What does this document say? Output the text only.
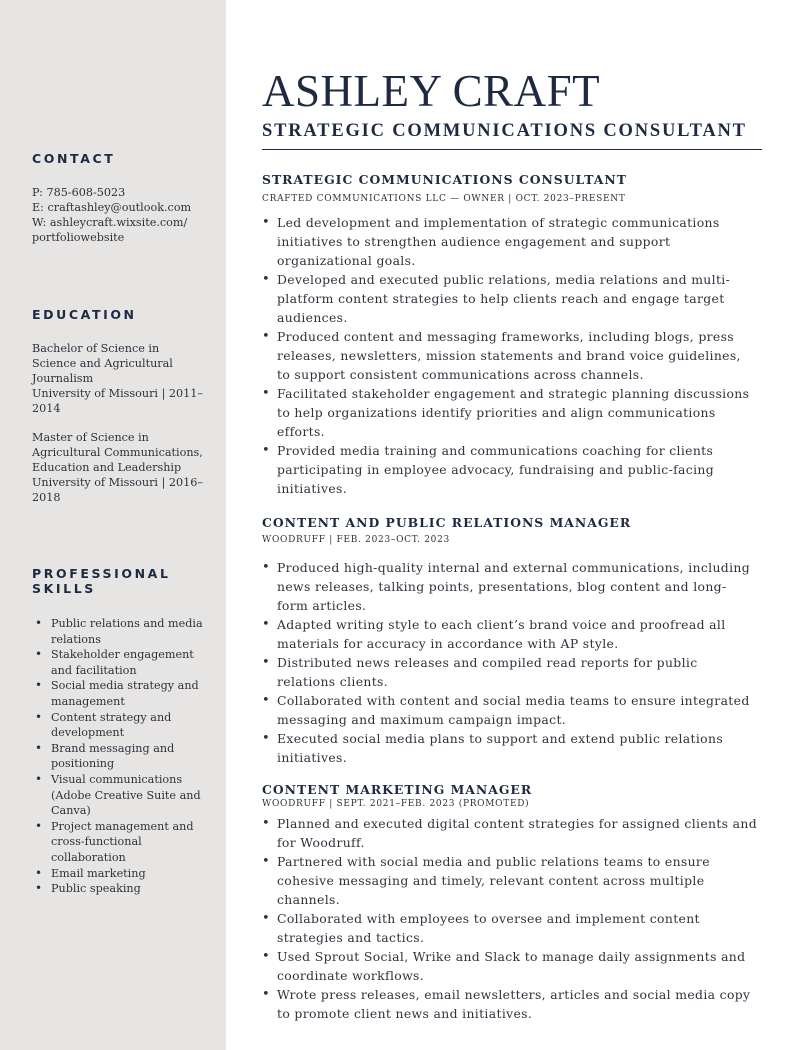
CONTACT

P: 785-608-5023

E: craftashley@outlook.com

W: ashleycraft.wixsite.com/

portfoliowebsite

EDUCATION

Bachelor of Science in

Science and Agricultural

Journalism

University of Missouri | 2011–

2014

Master of Science in

Agricultural Communications,

Education and Leadership

University of Missouri | 2016–

2018

PROFESSIONAL
SKILLS
• Public relations and media
relations
• Stakeholder engagement
and facilitation
• Social media strategy and
management
• Content strategy and
development
• Brand messaging and
positioning
• Visual communications
(Adobe Creative Suite and
Canva)
• Project management and
cross-functional
collaboration
• Email marketing
• Public speaking
ASHLEY CRAFT
STRATEGIC COMMUNICATIONS CONSULTANT

STRATEGIC COMMUNICATIONS CONSULTANT

CRAFTED COMMUNICATIONS LLC — OWNER | OCT. 2023–PRESENT

• Led development and implementation of strategic communications
initiatives to strengthen audience engagement and support
organizational goals.
• Developed and executed public relations, media relations and multi-
platform content strategies to help clients reach and engage target
audiences.
• Produced content and messaging frameworks, including blogs, press
releases, newsletters, mission statements and brand voice guidelines,
to support consistent communications across channels.
• Facilitated stakeholder engagement and strategic planning discussions
to help organizations identify priorities and align communications
efforts.
• Provided media training and communications coaching for clients
participating in employee advocacy, fundraising and public-facing
initiatives.

CONTENT AND PUBLIC RELATIONS MANAGER

WOODRUFF | FEB. 2023–OCT. 2023

• Produced high-quality internal and external communications, including
news releases, talking points, presentations, blog content and long-
form articles.
• Adapted writing style to each client’s brand voice and proofread all
materials for accuracy in accordance with AP style.
• Distributed news releases and compiled read reports for public
relations clients.
• Collaborated with content and social media teams to ensure integrated
messaging and maximum campaign impact.
• Executed social media plans to support and extend public relations
initiatives.

CONTENT MARKETING MANAGER

WOODRUFF | SEPT. 2021–FEB. 2023 (PROMOTED)

• Planned and executed digital content strategies for assigned clients and
for Woodruff.
• Partnered with social media and public relations teams to ensure
cohesive messaging and timely, relevant content across multiple
channels.
• Collaborated with employees to oversee and implement content
strategies and tactics.
• Used Sprout Social, Wrike and Slack to manage daily assignments and
coordinate workflows.
• Wrote press releases, email newsletters, articles and social media copy
to promote client news and initiatives.
